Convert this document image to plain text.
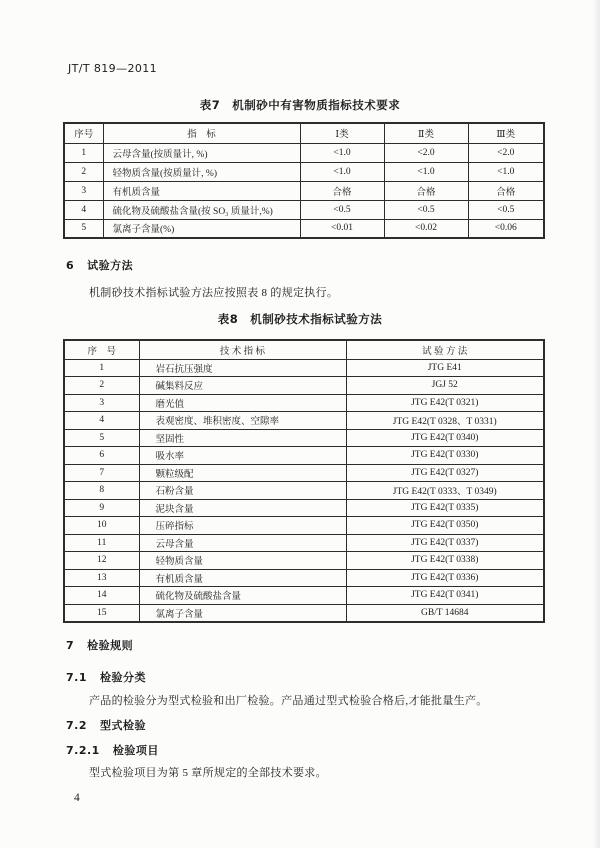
JT/T 819—2011
表7　机制砂中有害物质指标技术要求
序号	指　标	Ⅰ类	Ⅱ类	Ⅲ类
1	云母含量(按质量计, %)	<1.0	<2.0	<2.0
2	轻物质含量(按质量计, %)	<1.0	<1.0	<1.0
3	有机质含量	合格	合格	合格
4	硫化物及硫酸盐含量(按 SO₃ 质量计,%)	<0.5	<0.5	<0.5
5	氯离子含量(%)	<0.01	<0.02	<0.06
6 试验方法
机制砂技术指标试验方法应按照表 8 的规定执行。
表8　机制砂技术指标试验方法
序　号	技 术 指 标	试 验 方 法
1	岩石抗压强度	JTG E41
2	碱集料反应	JGJ 52
3	磨光值	JTG E42(T 0321)
4	表观密度、堆积密度、空隙率	JTG E42(T 0328、T 0331)
5	坚固性	JTG E42(T 0340)
6	吸水率	JTG E42(T 0330)
7	颗粒级配	JTG E42(T 0327)
8	石粉含量	JTG E42(T 0333、T 0349)
9	泥块含量	JTG E42(T 0335)
10	压碎指标	JTG E42(T 0350)
11	云母含量	JTG E42(T 0337)
12	轻物质含量	JTG E42(T 0338)
13	有机质含量	JTG E42(T 0336)
14	硫化物及硫酸盐含量	JTG E42(T 0341)
15	氯离子含量	GB/T 14684
7 检验规则
7.1 检验分类
产品的检验分为型式检验和出厂检验。产品通过型式检验合格后,才能批量生产。
7.2 型式检验
7.2.1 检验项目
型式检验项目为第 5 章所规定的全部技术要求。
4
